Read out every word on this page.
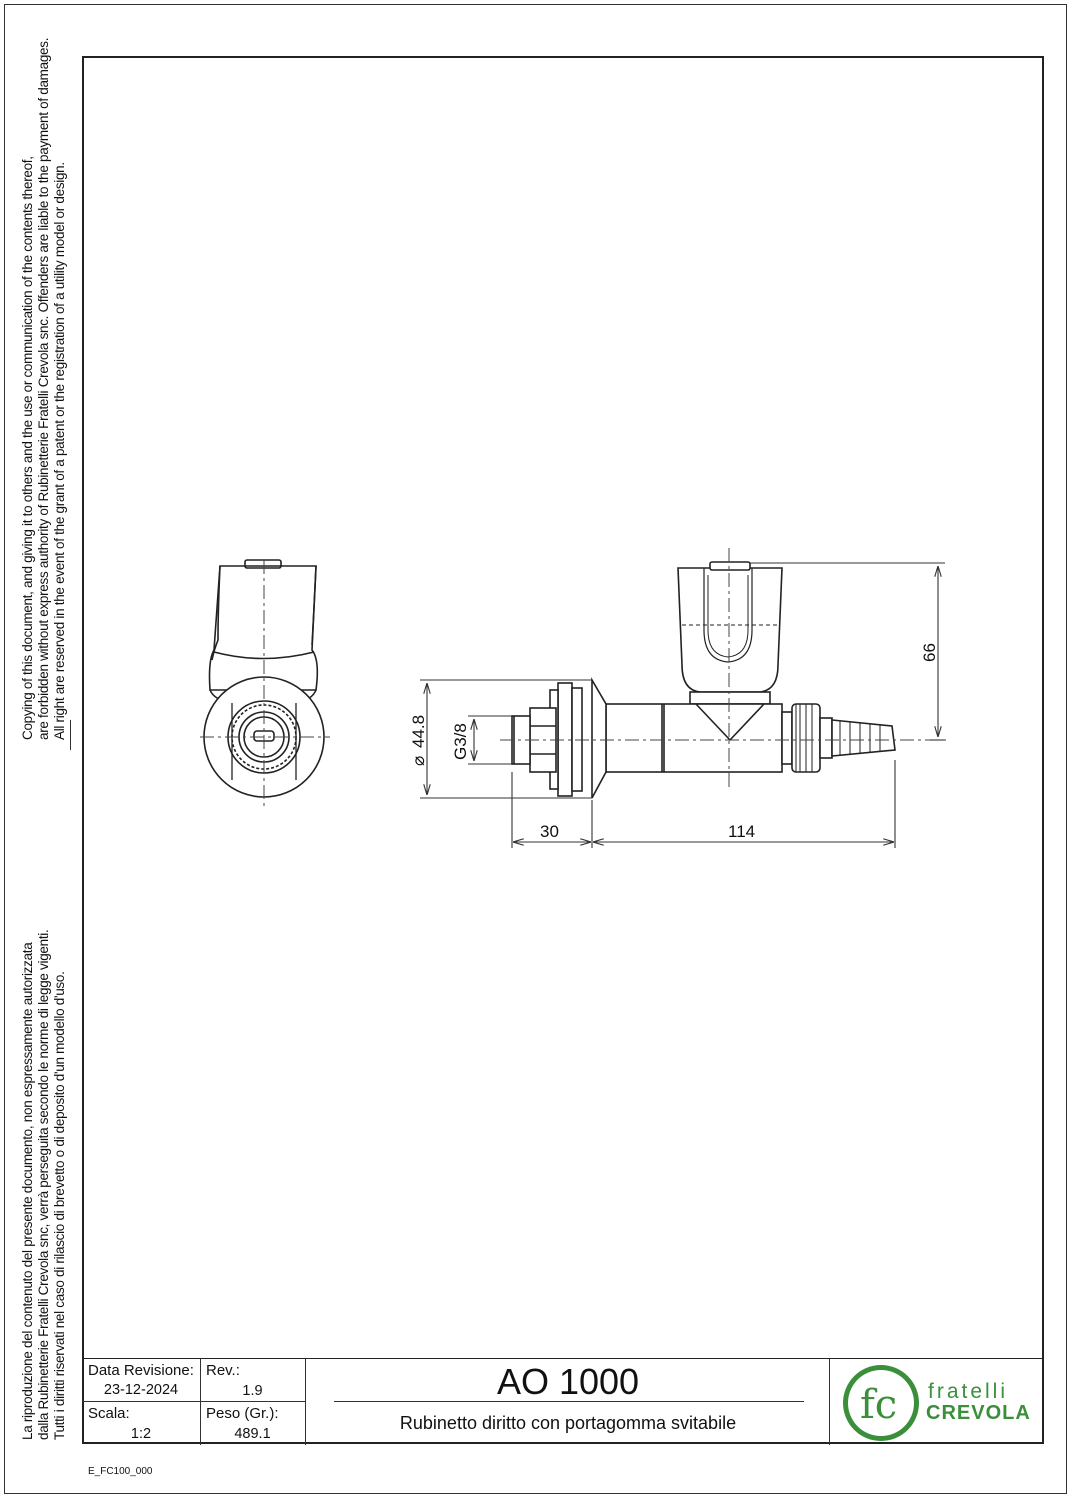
Copying of this document, and giving it to others and the use or communication of the contents thereof, are forbidden without express authority of Rubinetterie Fratelli Crevola snc. Offenders are liable to the payment of damages. All right are reserved in the event of the grant of a patent or the registration of a utility model or design.
La riproduzione del contenuto del presente documento, non espressamente autorizzata dalla Rubinetterie Fratelli Crevola snc, verrà perseguita secondo le norme di legge vigenti. Tutti i diritti riservati nel caso di rilascio di brevetto o di deposito d'un modello d'uso.
⌀
44.8 G3/8
66
30	114
Data Revisione:
23-12-2024
Rev.:
1.9
Scala:
1:2
Peso (Gr.):
489.1
AO 1000
Rubinetto diritto con portagomma svitabile	fc fratelli
CREVOLA
E_FC100_000
